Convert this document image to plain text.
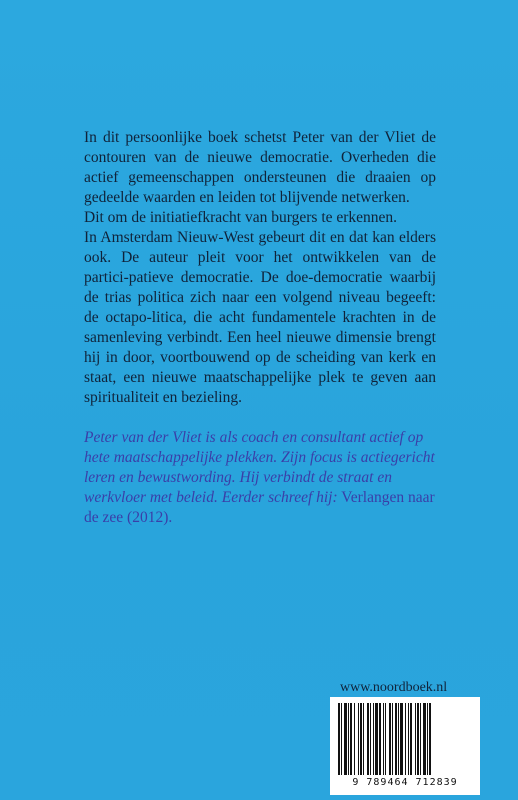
In dit persoonlijke boek schetst Peter van der Vliet de contouren van de nieuwe democratie. Overheden die actief gemeenschappen ondersteunen die draaien op gedeelde waarden en leiden tot blijvende netwerken.

Dit om de initiatiefkracht van burgers te erkennen.

In Amsterdam Nieuw-West gebeurt dit en dat kan elders ook. De auteur pleit voor het ontwikkelen van de partici-patieve democratie. De doe-democratie waarbij de trias politica zich naar een volgend niveau begeeft: de octapo-litica, die acht fundamentele krachten in de samenleving verbindt. Een heel nieuwe dimensie brengt hij in door, voortbouwend op de scheiding van kerk en staat, een nieuwe maatschappelijke plek te geven aan spiritualiteit en bezieling.

Peter van der Vliet is als coach en consultant actief op hete maatschappelijke plekken. Zijn focus is actiegericht leren en bewustwording. Hij verbindt de straat en werkvloer met beleid. Eerder schreef hij: Verlangen naar de zee (2012).
www.noordboek.nl
9 789464 712839
